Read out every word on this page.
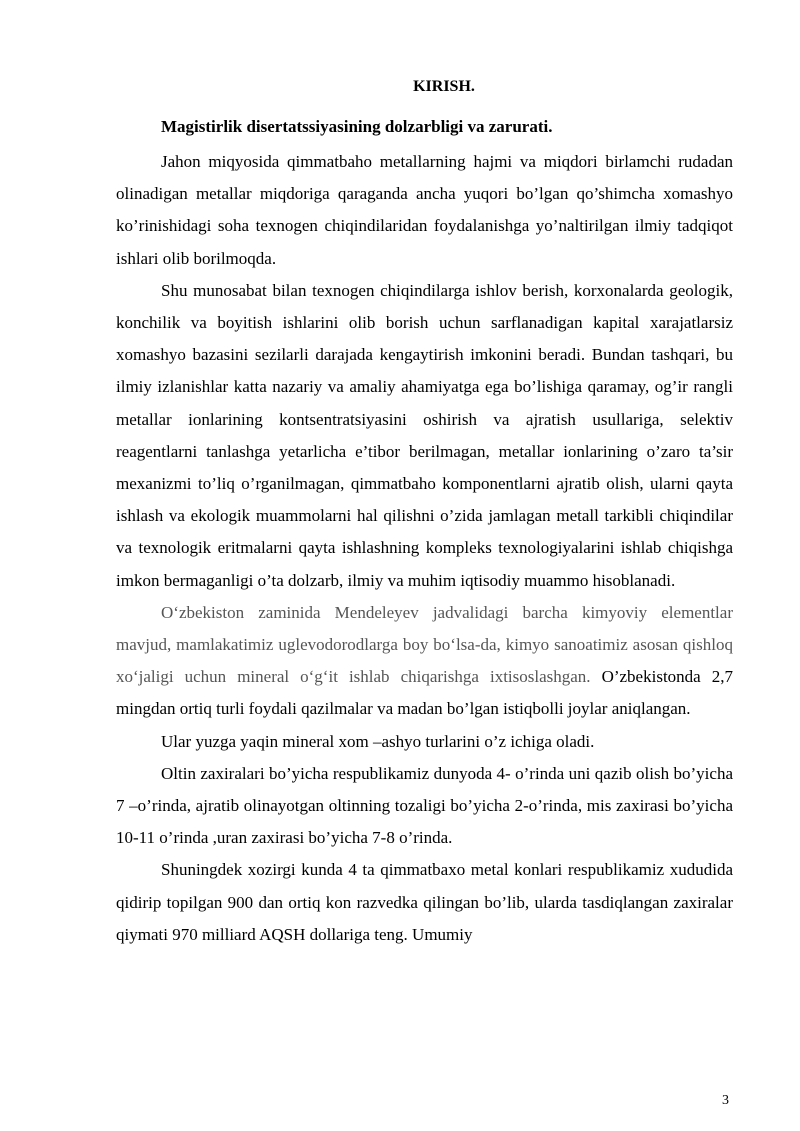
KIRISH.
Magistirlik disertatssiyasining dolzarbligi va zarurati.

Jahon miqyosida qimmatbaho metallarning hajmi va miqdori birlamchi rudadan olinadigan metallar miqdoriga qaraganda ancha yuqori bo’lgan qo’shimcha xomashyo ko’rinishidagi soha texnogen chiqindilaridan foydalanishga yo’naltirilgan ilmiy tadqiqot ishlari olib borilmoqda.

Shu munosabat bilan texnogen chiqindilarga ishlov berish, korxonalarda geologik, konchilik va boyitish ishlarini olib borish uchun sarflanadigan kapital xarajatlarsiz xomashyo bazasini sezilarli darajada kengaytirish imkonini beradi. Bundan tashqari, bu ilmiy izlanishlar katta nazariy va amaliy ahamiyatga ega bo’lishiga qaramay, og’ir rangli metallar ionlarining kontsentratsiyasini oshirish va ajratish usullariga, selektiv reagentlarni tanlashga yetarlicha e’tibor berilmagan, metallar ionlarining o’zaro ta’sir mexanizmi to’liq o’rganilmagan, qimmatbaho komponentlarni ajratib olish, ularni qayta ishlash va ekologik muammolarni hal qilishni o’zida jamlagan metall tarkibli chiqindilar va texnologik eritmalarni qayta ishlashning kompleks texnologiyalarini ishlab chiqishga imkon bermaganligi o’ta dolzarb, ilmiy va muhim iqtisodiy muammo hisoblanadi.

O‘zbekiston zaminida Mendeleyev jadvalidagi barcha kimyoviy elementlar mavjud, mamlakatimiz uglevodorodlarga boy bo‘lsa-da, kimyo sanoatimiz asosan qishloq xo‘jaligi uchun mineral o‘g‘it ishlab chiqarishga ixtisoslashgan. O’zbekistonda 2,7 mingdan ortiq turli foydali qazilmalar va madan bo’lgan istiqbolli joylar aniqlangan.

Ular yuzga yaqin mineral xom –ashyo turlarini o’z ichiga oladi.

Oltin zaxiralari bo’yicha respublikamiz dunyoda 4- o’rinda uni qazib olish bo’yicha 7 –o’rinda, ajratib olinayotgan oltinning tozaligi bo’yicha 2-o’rinda, mis zaxirasi bo’yicha 10-11 o’rinda ,uran zaxirasi bo’yicha 7-8 o’rinda.

Shuningdek xozirgi kunda 4 ta qimmatbaxo metal konlari respublikamiz xududida qidirip topilgan 900 dan ortiq kon razvedka qilingan bo’lib, ularda tasdiqlangan zaxiralar qiymati 970 milliard AQSH dollariga teng. Umumiy

3
